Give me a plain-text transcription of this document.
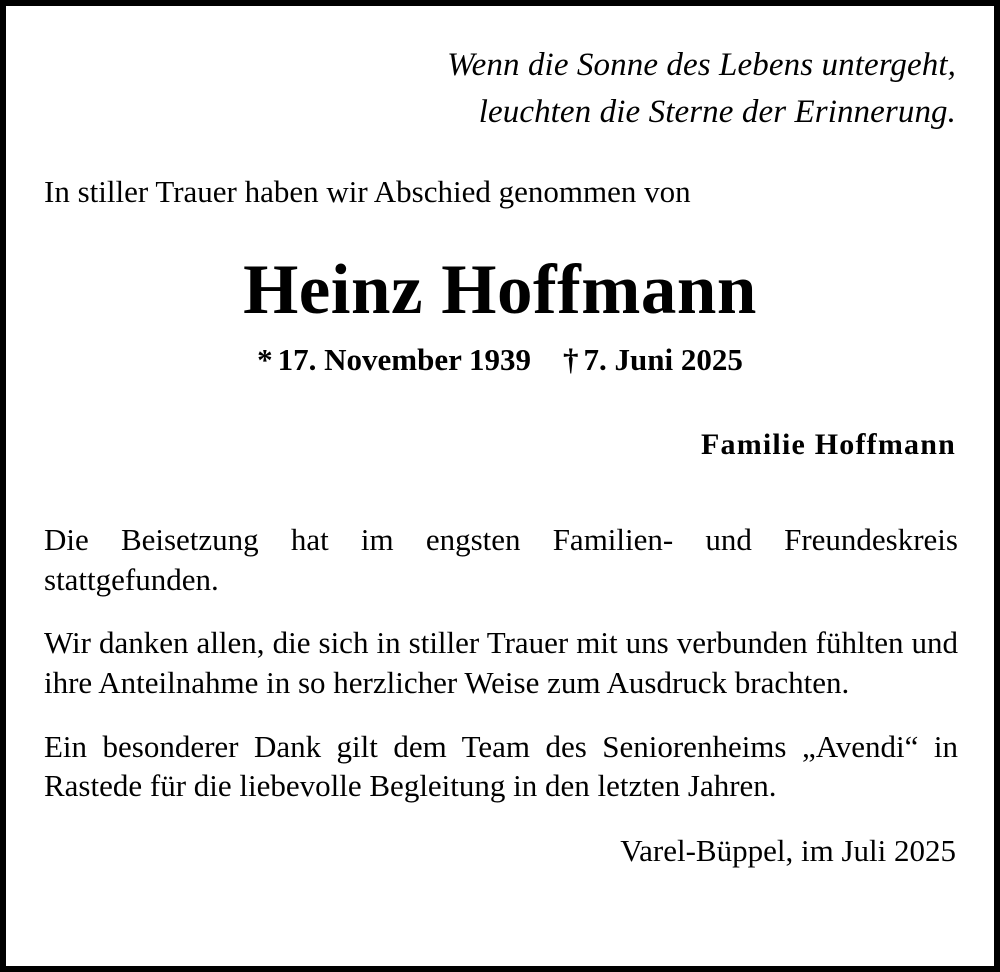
Wenn die Sonne des Lebens untergeht,
leuchten die Sterne der Erinnerung.
In stiller Trauer haben wir Abschied genommen von
Heinz Hoffmann
* 17. November 1939 † 7. Juni 2025
Familie Hoffmann

Die Beisetzung hat im engsten Familien- und Freundeskreis stattgefunden.

Wir danken allen, die sich in stiller Trauer mit uns verbunden fühlten und ihre Anteilnahme in so herzlicher Weise zum Ausdruck brachten.

Ein besonderer Dank gilt dem Team des Seniorenheims „Avendi“ in Rastede für die liebevolle Begleitung in den letzten Jahren.

Varel-Büppel, im Juli 2025
